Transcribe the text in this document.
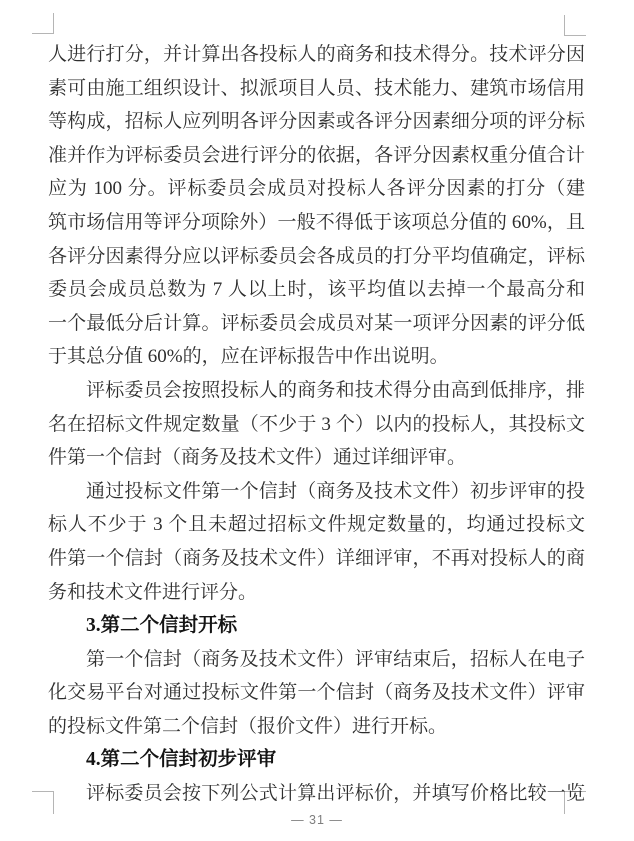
人进行打分，并计算出各投标人的商务和技术得分。技术评分因
素可由施工组织设计、拟派项目人员、技术能力、建筑市场信用
等构成，招标人应列明各评分因素或各评分因素细分项的评分标
准并作为评标委员会进行评分的依据，各评分因素权重分值合计
应为 100 分。评标委员会成员对投标人各评分因素的打分（建
筑市场信用等评分项除外）一般不得低于该项总分值的 60%，且
各评分因素得分应以评标委员会各成员的打分平均值确定，评标
委员会成员总数为 7 人以上时，该平均值以去掉一个最高分和
一个最低分后计算。评标委员会成员对某一项评分因素的评分低
于其总分值 60%的，应在评标报告中作出说明。
评标委员会按照投标人的商务和技术得分由高到低排序，排
名在招标文件规定数量（不少于 3 个）以内的投标人，其投标文
件第一个信封（商务及技术文件）通过详细评审。
通过投标文件第一个信封（商务及技术文件）初步评审的投
标人不少于 3 个且未超过招标文件规定数量的，均通过投标文
件第一个信封（商务及技术文件）详细评审，不再对投标人的商
务和技术文件进行评分。
3.第二个信封开标
第一个信封（商务及技术文件）评审结束后，招标人在电子
化交易平台对通过投标文件第一个信封（商务及技术文件）评审
的投标文件第二个信封（报价文件）进行开标。
4.第二个信封初步评审
评标委员会按下列公式计算出评标价，并填写价格比较一览
— 31 —
